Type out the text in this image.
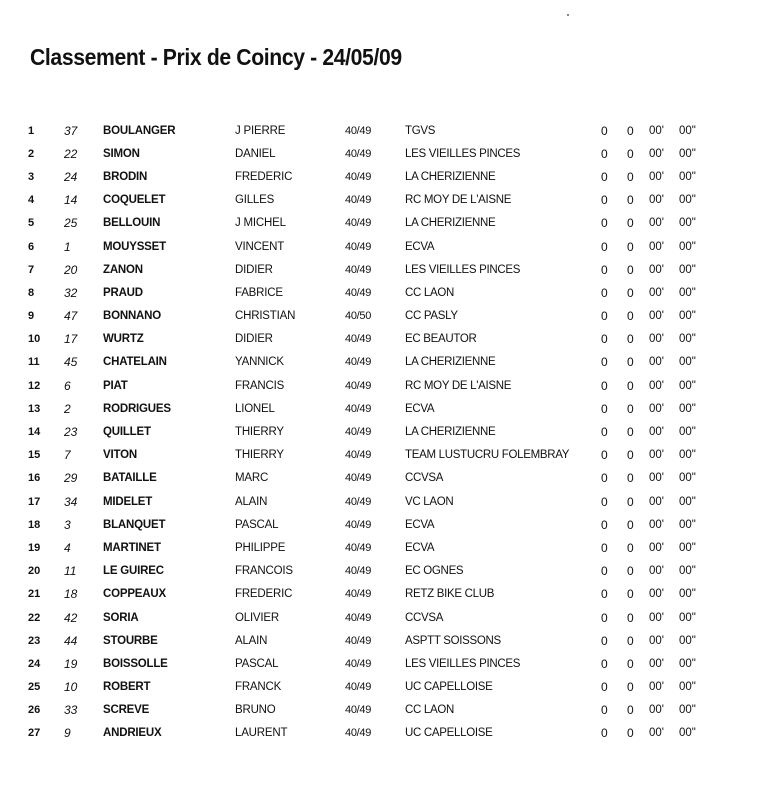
Classement - Prix de Coincy - 24/05/09
1	37	BOULANGER	J PIERRE	40/49	TGVS	0	0	00'	00"
2	22	SIMON	DANIEL	40/49	LES VIEILLES PINCES	0	0	00'	00"
3	24	BRODIN	FREDERIC	40/49	LA CHERIZIENNE	0	0	00'	00"
4	14	COQUELET	GILLES	40/49	RC MOY DE L'AISNE	0	0	00'	00"
5	25	BELLOUIN	J MICHEL	40/49	LA CHERIZIENNE	0	0	00'	00"
6	1	MOUYSSET	VINCENT	40/49	ECVA	0	0	00'	00"
7	20	ZANON	DIDIER	40/49	LES VIEILLES PINCES	0	0	00'	00"
8	32	PRAUD	FABRICE	40/49	CC LAON	0	0	00'	00"
9	47	BONNANO	CHRISTIAN	40/50	CC PASLY	0	0	00'	00"
10	17	WURTZ	DIDIER	40/49	EC BEAUTOR	0	0	00'	00"
11	45	CHATELAIN	YANNICK	40/49	LA CHERIZIENNE	0	0	00'	00"
12	6	PIAT	FRANCIS	40/49	RC MOY DE L'AISNE	0	0	00'	00"
13	2	RODRIGUES	LIONEL	40/49	ECVA	0	0	00'	00"
14	23	QUILLET	THIERRY	40/49	LA CHERIZIENNE	0	0	00'	00"
15	7	VITON	THIERRY	40/49	TEAM LUSTUCRU FOLEMBRAY	0	0	00'	00"
16	29	BATAILLE	MARC	40/49	CCVSA	0	0	00'	00"
17	34	MIDELET	ALAIN	40/49	VC LAON	0	0	00'	00"
18	3	BLANQUET	PASCAL	40/49	ECVA	0	0	00'	00"
19	4	MARTINET	PHILIPPE	40/49	ECVA	0	0	00'	00"
20	11	LE GUIREC	FRANCOIS	40/49	EC OGNES	0	0	00'	00"
21	18	COPPEAUX	FREDERIC	40/49	RETZ BIKE CLUB	0	0	00'	00"
22	42	SORIA	OLIVIER	40/49	CCVSA	0	0	00'	00"
23	44	STOURBE	ALAIN	40/49	ASPTT SOISSONS	0	0	00'	00"
24	19	BOISSOLLE	PASCAL	40/49	LES VIEILLES PINCES	0	0	00'	00"
25	10	ROBERT	FRANCK	40/49	UC CAPELLOISE	0	0	00'	00"
26	33	SCREVE	BRUNO	40/49	CC LAON	0	0	00'	00"
27	9	ANDRIEUX	LAURENT	40/49	UC CAPELLOISE	0	0	00'	00"
